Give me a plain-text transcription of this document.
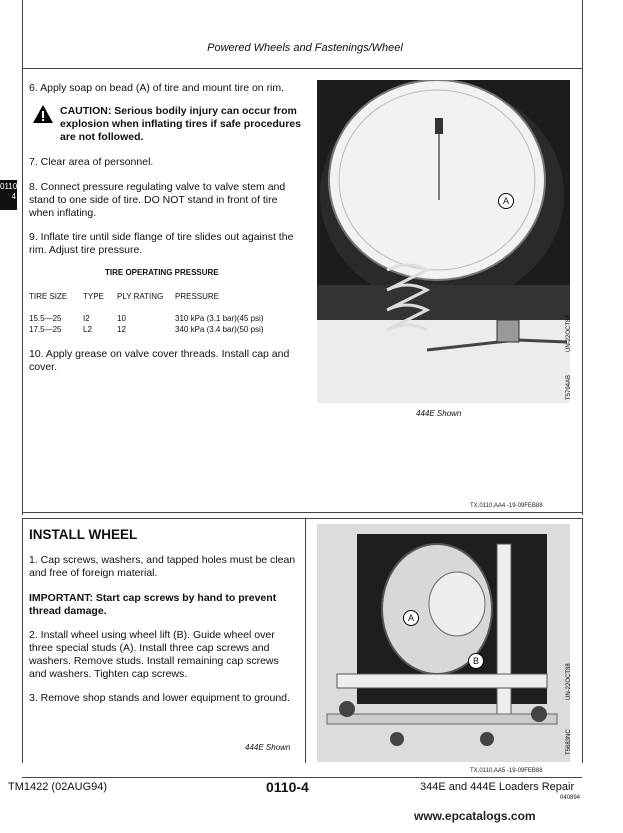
Powered Wheels and Fastenings/Wheel
0110
4
6. Apply soap on bead (A) of tire and mount tire on rim.
CAUTION: Serious bodily injury can occur from explosion when inflating tires if safe procedures are not followed.
7. Clear area of personnel.
8. Connect pressure regulating valve to valve stem and stand to one side of tire. DO NOT stand in front of tire when inflating.
9. Inflate tire until side flange of tire slides out against the rim. Adjust tire pressure.
TIRE OPERATING PRESSURE
TIRE SIZE	TYPE	PLY RATING	PRESSURE

15.5—25	I2	10	310 kPa (3.1 bar)(45 psi)
17.5—25	L2	12	340 kPa (3.4 bar)(50 psi)
10. Apply grease on valve cover threads. Install cap and cover.
A
T5794AB
UN-22OCT88
444E Shown
TX,0110,AA4 -19-09FEB88
INSTALL WHEEL
1. Cap screws, washers, and tapped holes must be clean and free of foreign material.
IMPORTANT: Start cap screws by hand to prevent thread damage.
2. Install wheel using wheel lift (B). Guide wheel over three special studs (A). Install three cap screws and washers. Remove studs. Install remaining cap screws and washers. Tighten cap screws.
3. Remove shop stands and lower equipment to ground.
444E Shown
A
B
T5683NC
UN-22OCT88
TX,0110,AA5 -19-09FEB88
TM1422 (02AUG94)	0110-4	344E and 444E Loaders Repair
040894
www.epcatalogs.com
